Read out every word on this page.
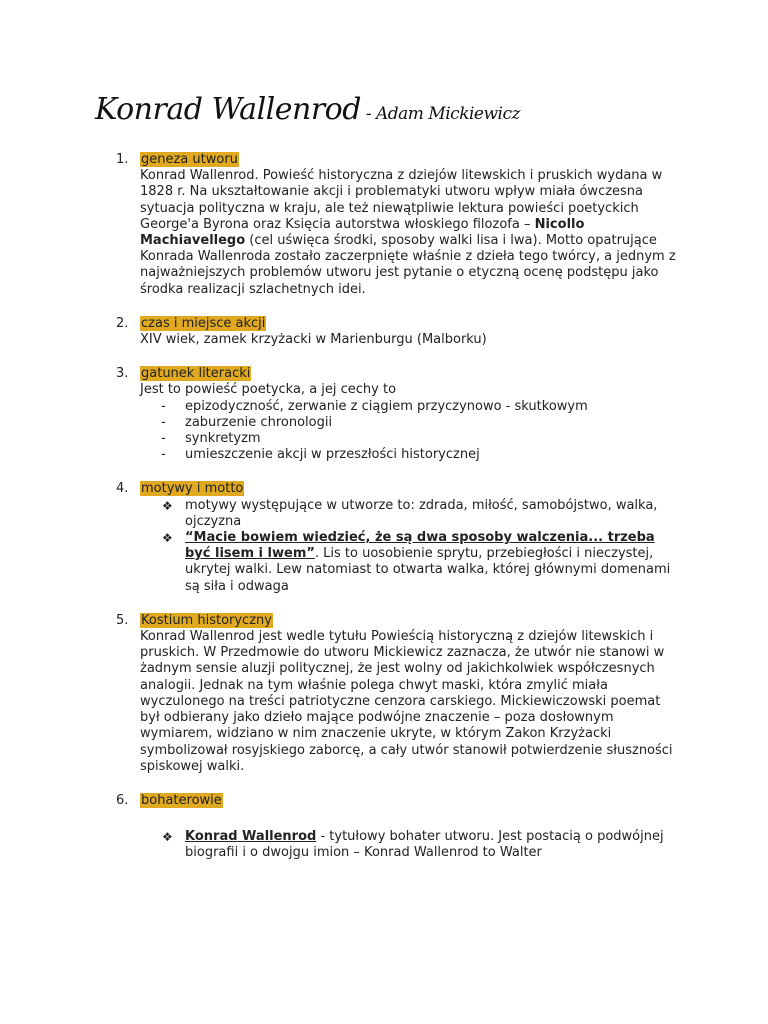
Konrad Wallenrod - Adam Mickiewicz
1. geneza utworu

Konrad Wallenrod. Powieść historyczna z dziejów litewskich i pruskich wydana w 1828 r. Na ukształtowanie akcji i problematyki utworu wpływ miała ówczesna sytuacja polityczna w kraju, ale też niewątpliwie lektura powieści poetyckich George'a Byrona oraz Księcia autorstwa włoskiego filozofa – Nicollo Machiavellego (cel uświęca środki, sposoby walki lisa i lwa). Motto opatrujące Konrada Wallenroda zostało zaczerpnięte właśnie z dzieła tego twórcy, a jednym z najważniejszych problemów utworu jest pytanie o etyczną ocenę podstępu jako środka realizacji szlachetnych idei.

2. czas i miejsce akcji

XIV wiek, zamek krzyżacki w Marienburgu (Malborku)

3. gatunek literacki

Jest to powieść poetycka, a jej cechy to

- epizodyczność, zerwanie z ciągiem przyczynowo - skutkowym
- zaburzenie chronologii
- synkretyzm
- umieszczenie akcji w przeszłości historycznej
4. motywy i motto
❖ motywy występujące w utworze to: zdrada, miłość, samobójstwo, walka, ojczyzna
❖ “Macie bowiem wiedzieć, że są dwa sposoby walczenia... trzeba być lisem i lwem”. Lis to uosobienie sprytu, przebiegłości i nieczystej, ukrytej walki. Lew natomiast to otwarta walka, której głównymi domenami są siła i odwaga
5. Kostium historyczny

Konrad Wallenrod jest wedle tytułu Powieścią historyczną z dziejów litewskich i pruskich. W Przedmowie do utworu Mickiewicz zaznacza, że utwór nie stanowi w żadnym sensie aluzji politycznej, że jest wolny od jakichkolwiek współczesnych analogii. Jednak na tym właśnie polega chwyt maski, która zmylić miała wyczulonego na treści patriotyczne cenzora carskiego. Mickiewiczowski poemat był odbierany jako dzieło mające podwójne znaczenie – poza dosłownym wymiarem, widziano w nim znaczenie ukryte, w którym Zakon Krzyżacki symbolizował rosyjskiego zaborcę, a cały utwór stanowił potwierdzenie słuszności spiskowej walki.

6. bohaterowie
❖ Konrad Wallenrod - tytułowy bohater utworu. Jest postacią o podwójnej biografii i o dwojgu imion – Konrad Wallenrod to Walter
